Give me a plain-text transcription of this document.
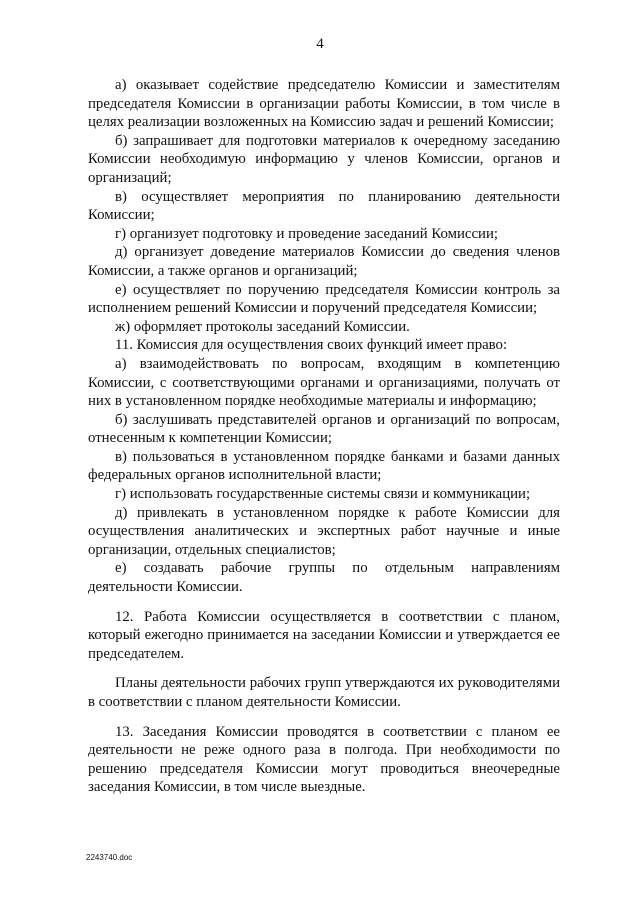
4

а) оказывает содействие председателю Комиссии и заместителям председателя Комиссии в организации работы Комиссии, в том числе в целях реализации возложенных на Комиссию задач и решений Комиссии;

б) запрашивает для подготовки материалов к очередному заседанию Комиссии необходимую информацию у членов Комиссии, органов и организаций;

в) осуществляет мероприятия по планированию деятельности Комиссии;

г) организует подготовку и проведение заседаний Комиссии;

д) организует доведение материалов Комиссии до сведения членов Комиссии, а также органов и организаций;

е) осуществляет по поручению председателя Комиссии контроль за исполнением решений Комиссии и поручений председателя Комиссии;

ж) оформляет протоколы заседаний Комиссии.

11. Комиссия для осуществления своих функций имеет право:

а) взаимодействовать по вопросам, входящим в компетенцию Комиссии, с соответствующими органами и организациями, получать от них в установленном порядке необходимые материалы и информацию;

б) заслушивать представителей органов и организаций по вопросам, отнесенным к компетенции Комиссии;

в) пользоваться в установленном порядке банками и базами данных федеральных органов исполнительной власти;

г) использовать государственные системы связи и коммуникации;

д) привлекать в установленном порядке к работе Комиссии для осуществления аналитических и экспертных работ научные и иные организации, отдельных специалистов;

е) создавать рабочие группы по отдельным направлениям деятельности Комиссии.

12. Работа Комиссии осуществляется в соответствии с планом, который ежегодно принимается на заседании Комиссии и утверждается ее председателем.

Планы деятельности рабочих групп утверждаются их руководителями в соответствии с планом деятельности Комиссии.

13. Заседания Комиссии проводятся в соответствии с планом ее деятельности не реже одного раза в полгода. При необходимости по решению председателя Комиссии могут проводиться внеочередные заседания Комиссии, в том числе выездные.

2243740.doc
